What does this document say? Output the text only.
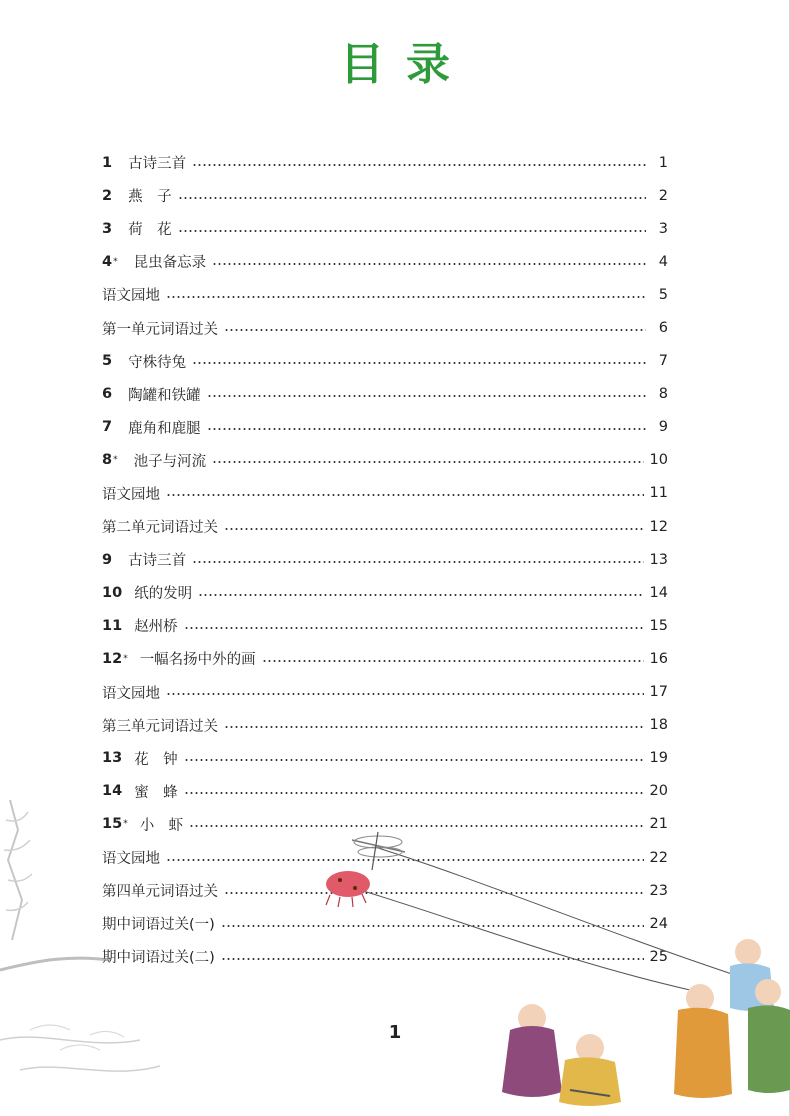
目录
1 古诗三首	1
2 燕　子	2
3 荷　花	3
4 * 昆虫备忘录	4
语文园地	5
第一单元词语过关	6
5 守株待兔	7
6 陶罐和铁罐	8
7 鹿角和鹿腿	9
8 * 池子与河流	10
语文园地	11
第二单元词语过关	12
9 古诗三首	13
10 纸的发明	14
11 赵州桥	15
12 * 一幅名扬中外的画	16
语文园地	17
第三单元词语过关	18
13 花　钟	19
14 蜜　蜂	20
15 * 小　虾	21
语文园地	22
第四单元词语过关	23
期中词语过关(一)	24
期中词语过关(二)	25
1
